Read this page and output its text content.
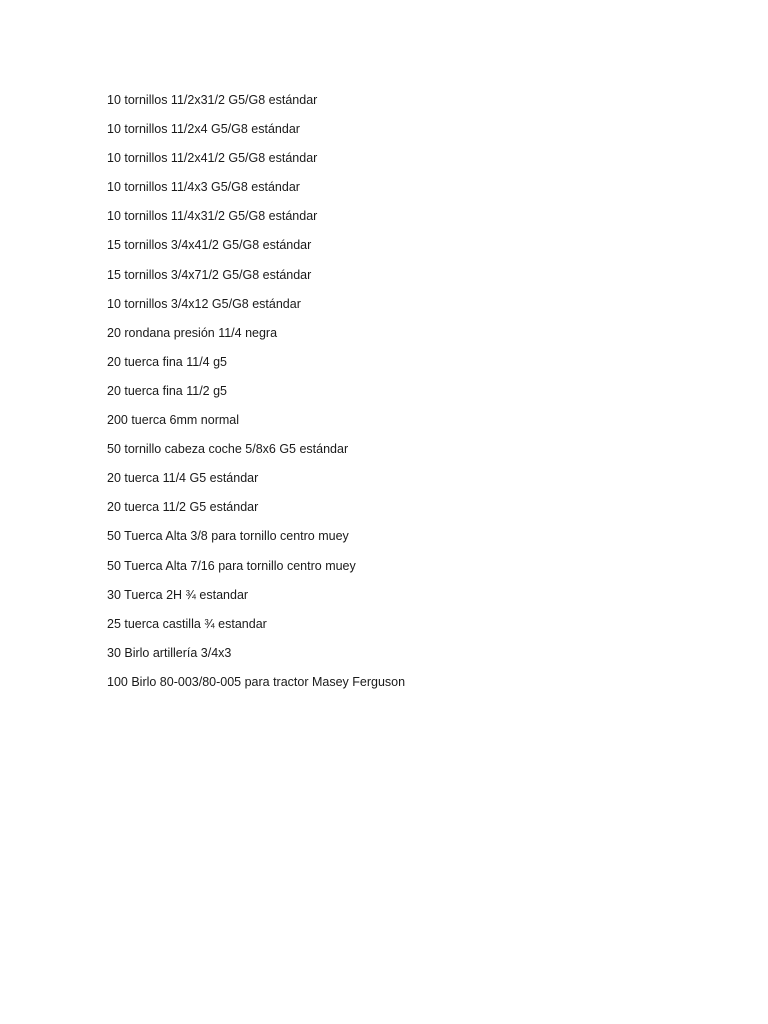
10 tornillos 11/2x31/2 G5/G8 estándar
10 tornillos 11/2x4 G5/G8 estándar
10 tornillos 11/2x41/2 G5/G8 estándar
10 tornillos 11/4x3 G5/G8 estándar
10 tornillos 11/4x31/2 G5/G8 estándar
15 tornillos 3/4x41/2 G5/G8 estándar
15 tornillos 3/4x71/2 G5/G8 estándar
10 tornillos 3/4x12 G5/G8 estándar
20 rondana presión 11/4 negra
20 tuerca fina 11/4 g5
20 tuerca fina 11/2 g5
200 tuerca 6mm normal
50 tornillo cabeza coche 5/8x6 G5 estándar
20 tuerca 11/4 G5 estándar
20 tuerca 11/2 G5 estándar
50 Tuerca Alta 3/8 para tornillo centro muey
50 Tuerca Alta 7/16 para tornillo centro muey
30 Tuerca 2H ¾ estandar
25 tuerca castilla ¾ estandar
30 Birlo artillería 3/4x3
100 Birlo 80-003/80-005 para tractor Masey Ferguson
